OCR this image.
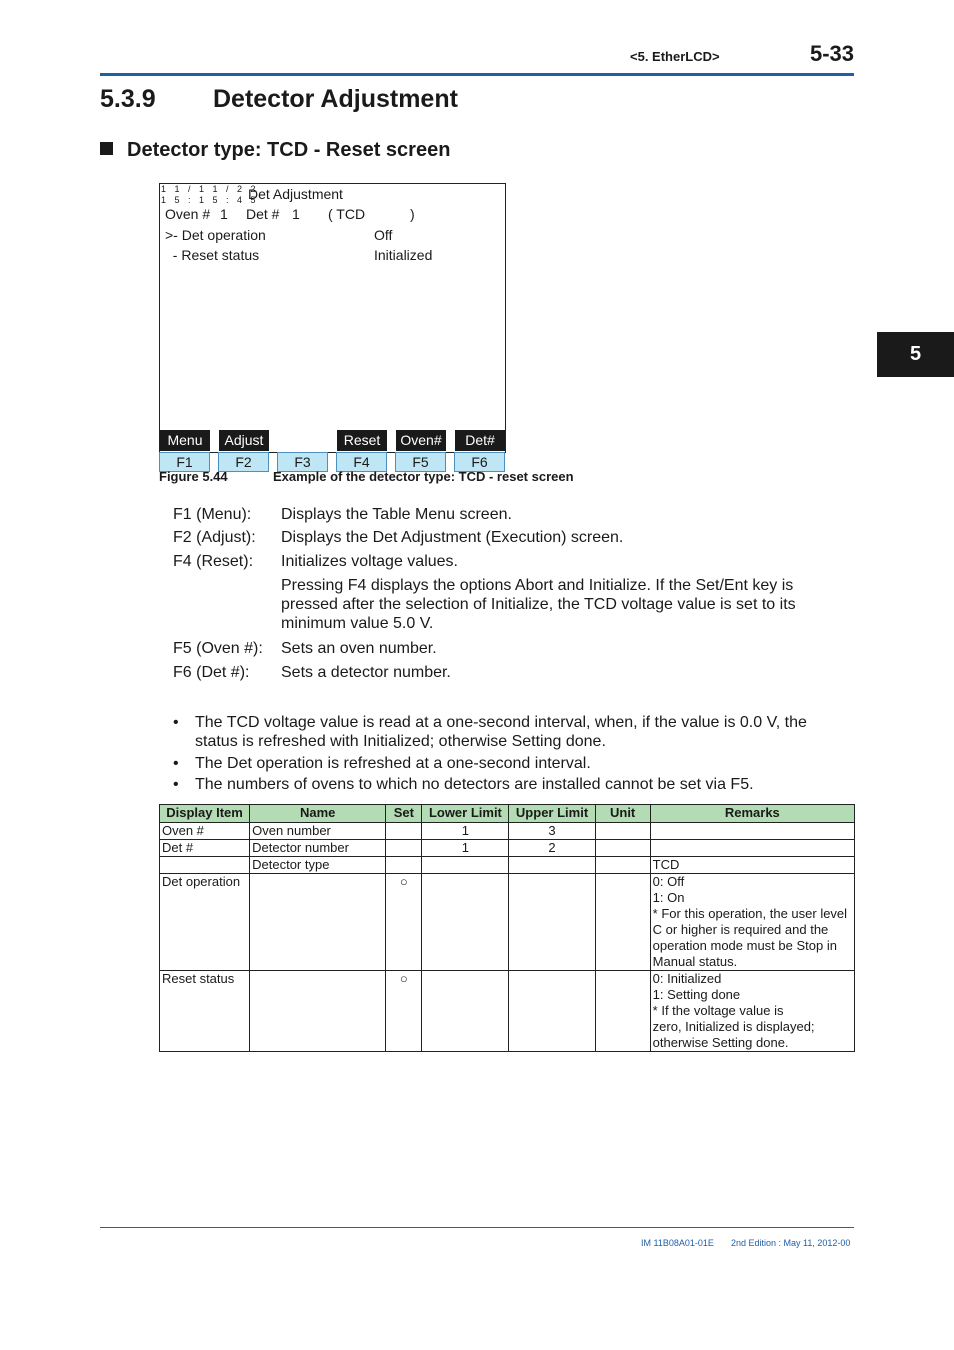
<5. EtherLCD>	5-33
5.3.9 Detector Adjustment
Detector type: TCD - Reset screen
5
1 1 / 1 1 / 2 2
1 5 : 1 5 : 4 5
Det Adjustment
Oven # 1 Det # 1 ( TCD	)
>- Det operation	Off
- Reset status	Initialized
Menu	Adjust	Reset	Oven#	Det#
F1	F2	F3	F4	F5	F6
Figure 5.44	Example of the detector type: TCD - reset screen
F1 (Menu): Displays the Table Menu screen.
F2 (Adjust): Displays the Det Adjustment (Execution) screen.
F4 (Reset): Initializes voltage values.
Pressing F4 displays the options Abort and Initialize. If the Set/Ent key is pressed after the selection of Initialize, the TCD voltage value is set to its minimum value 5.0 V.
F5 (Oven #): Sets an oven number.
F6 (Det #): Sets a detector number.
• The TCD voltage value is read at a one-second interval, when, if the value is 0.0 V, the status is refreshed with Initialized; otherwise Setting done.
• The Det operation is refreshed at a one-second interval.
• The numbers of ovens to which no detectors are installed cannot be set via F5.
Display Item	Name	Set	Lower Limit	Upper Limit	Unit	Remarks
Oven #	Oven number		1	3		
Det #	Detector number		1	2		
	Detector type					TCD
Det operation		○				0: Off
1: On
* For this operation, the user level C or higher is required and the operation mode must be Stop in Manual status.
Reset status		○				0: Initialized
1: Setting done
* If the voltage value is
zero, Initialized is displayed; otherwise Setting done.
IM 11B08A01-01E 2nd Edition : May 11, 2012-00
